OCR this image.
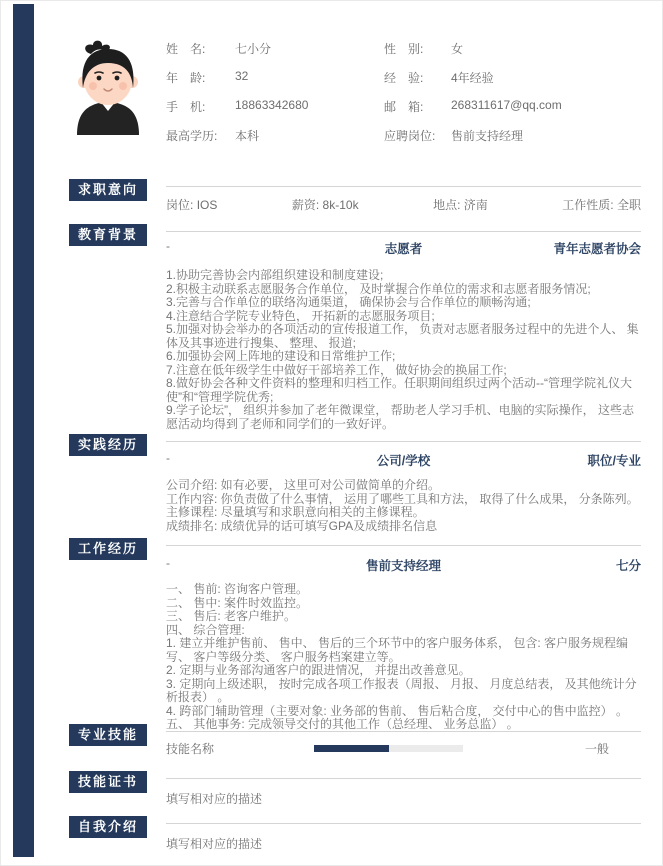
姓　名:	七小分	性　别:	女
年　龄:	32	经　验:	4年经验
手　机:	18863342680	邮　箱:	268311617@qq.com
最高学历:	本科	应聘岗位:	售前支持经理
求职意向
岗位: IOS	薪资: 8k-10k	地点: 济南	工作性质: 全职
教育背景
-	志愿者	青年志愿者协会
1.协助完善协会内部组织建设和制度建设;
2.积极主动联系志愿服务合作单位， 及时掌握合作单位的需求和志愿者服务情况;
3.完善与合作单位的联络沟通渠道， 确保协会与合作单位的顺畅沟通;
4.注意结合学院专业特色， 开拓新的志愿服务项目;
5.加强对协会举办的各项活动的宣传报道工作， 负责对志愿者服务过程中的先进个人、 集体及其事迹进行搜集、 整理、 报道;
6.加强协会网上阵地的建设和日常维护工作;
7.注意在低年级学生中做好干部培养工作， 做好协会的换届工作;
8.做好协会各种文件资料的整理和归档工作。任职期间组织过两个活动--“管理学院礼仪大使”和“管理学院优秀;
9.学子论坛”， 组织并参加了老年微课堂， 帮助老人学习手机、电脑的实际操作， 这些志愿活动均得到了老师和同学们的一致好评。
实践经历
-	公司/学校	职位/专业
公司介绍: 如有必要， 这里可对公司做简单的介绍。
工作内容: 你负责做了什么事情， 运用了哪些工具和方法， 取得了什么成果， 分条陈列。
主修课程: 尽量填写和求职意向相关的主修课程。
成绩排名: 成绩优异的话可填写GPA及成绩排名信息
工作经历
-	售前支持经理	七分
一、 售前: 咨询客户管理。
二、 售中: 案件时效监控。
三、 售后: 老客户维护。
四、 综合管理:
1. 建立并维护售前、 售中、 售后的三个环节中的客户服务体系， 包含: 客户服务规程编写、 客户等级分类、 客户服务档案建立等。
2. 定期与业务部沟通客户的跟进情况， 并提出改善意见。
3. 定期向上级述职， 按时完成各项工作报表（周报、 月报、 月度总结表， 及其他统计分析报表） 。
4. 跨部门辅助管理（主要对象: 业务部的售前、 售后粘合度， 交付中心的售中监控） 。
五、 其他事务: 完成领导交付的其他工作（总经理、 业务总监） 。
专业技能
技能名称	一般
技能证书
填写相对应的描述
自我介绍
填写相对应的描述
